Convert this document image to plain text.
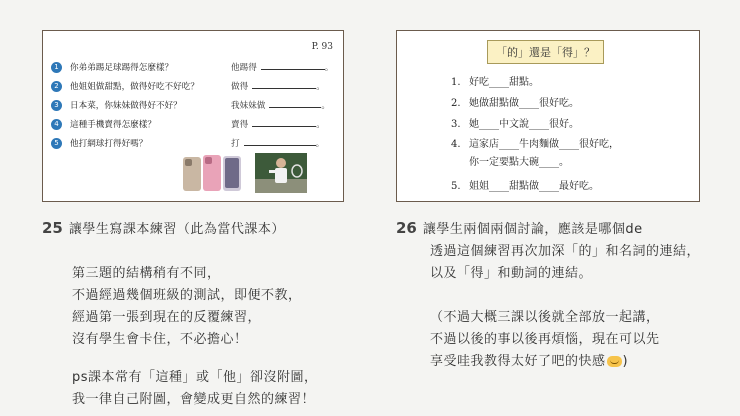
P. 93
1 你弟弟踢足球踢得怎麼樣？	他踢得	。
2 他姐姐做甜點，做得好吃不好吃？	做得	。
3 日本菜，你妹妹做得好不好？	我妹妹做	。
4 這種手機賣得怎麼樣？	賣得	。
5 他打網球打得好嗎？	打	。
「的」還是「得」？
1. 好吃____甜點。
2. 她做甜點做____很好吃。
3. 她____中文說____很好。
4. 這家店____牛肉麵做____很好吃，
你一定要點大碗____。
5. 姐姐____甜點做____最好吃。
25 讓學生寫課本練習（此為當代課本）
第三題的結構稍有不同，
不過經過幾個班級的測試，即便不教，
經過第一張到現在的反覆練習，
沒有學生會卡住，不必擔心！
ps課本常有「這種」或「他」卻沒附圖，
我一律自己附圖，會變成更自然的練習！
26 讓學生兩個兩個討論，應該是哪個de
透過這個練習再次加深「的」和名詞的連結，
以及「得」和動詞的連結。
（不過大概三課以後就全部放一起講，
不過以後的事以後再煩惱，現在可以先
享受哇我教得太好了吧的快感 )
